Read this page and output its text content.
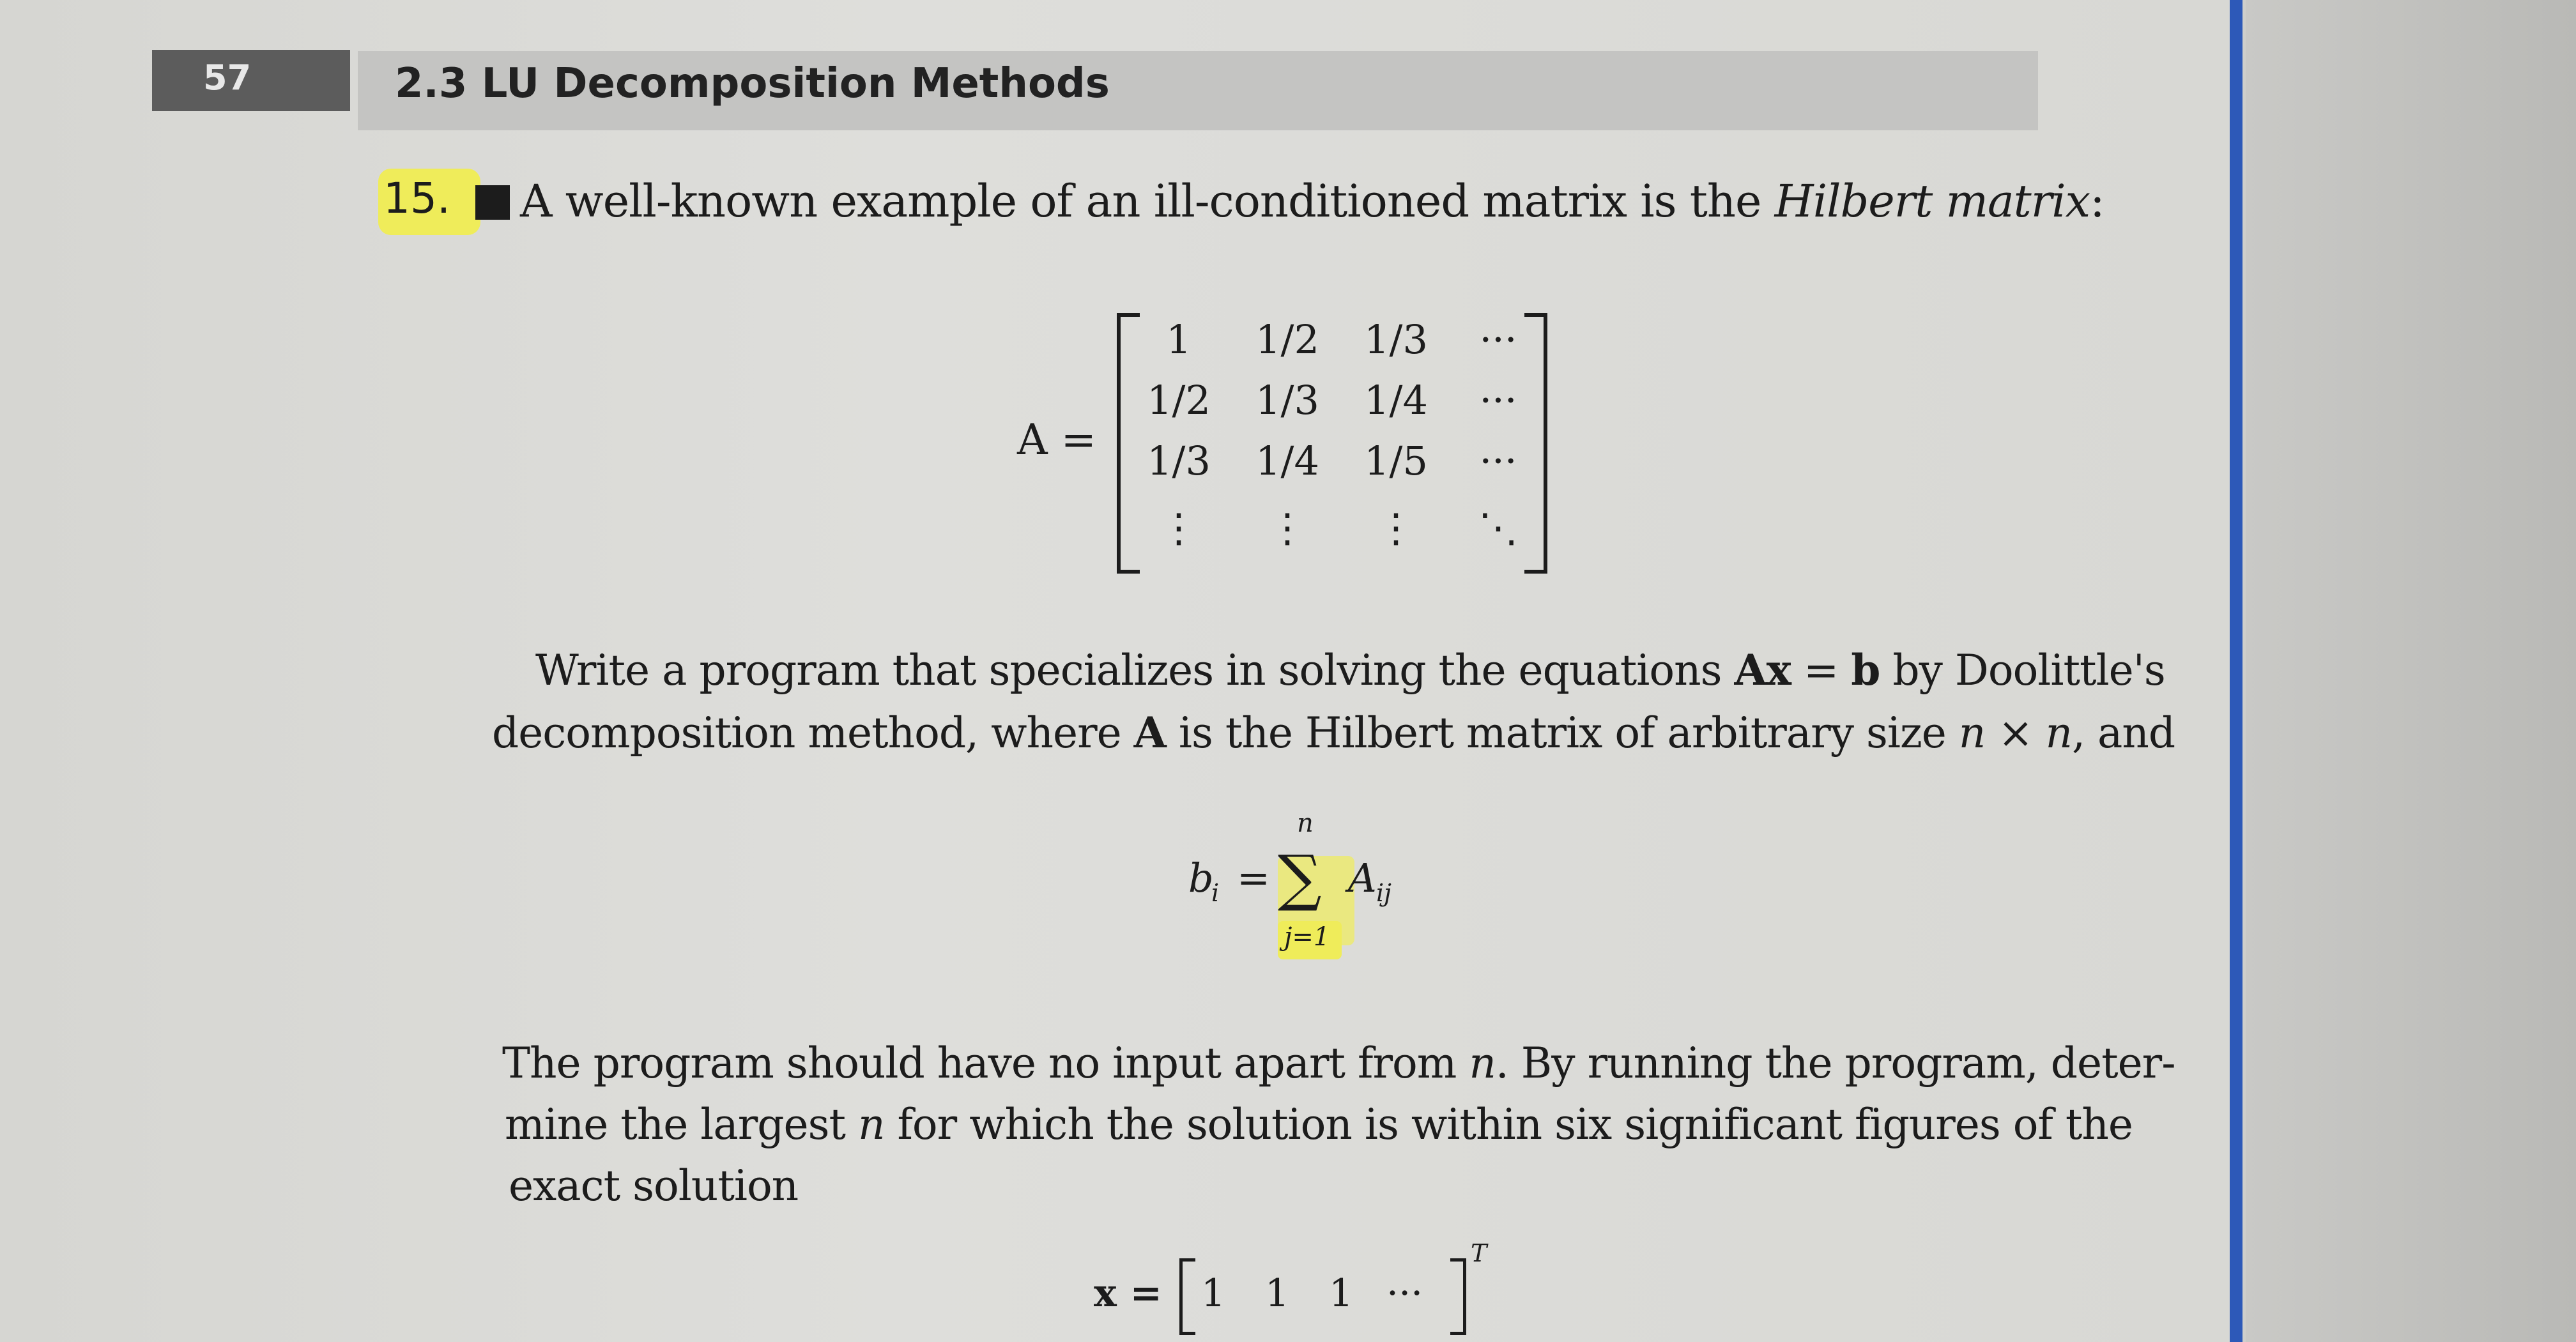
57	2.3 LU Decomposition Methods
15. A well-known example of an ill-conditioned matrix is the Hilbert matrix:
A =
1	1/2	1/3	···
1/2	1/3	1/4	···
1/3	1/4	1/5	···
⋮	⋮	⋮	⋱
Write a program that specializes in solving the equations Ax = b by Doolittle's
decomposition method, where A is the Hilbert matrix of arbitrary size n × n, and
b
i = ∑
n
j=1
A ij
The program should have no input apart from n. By running the program, deter-
mine the largest n for which the solution is within six significant figures of the
exact solution
x = 1 1 1 ···
T
